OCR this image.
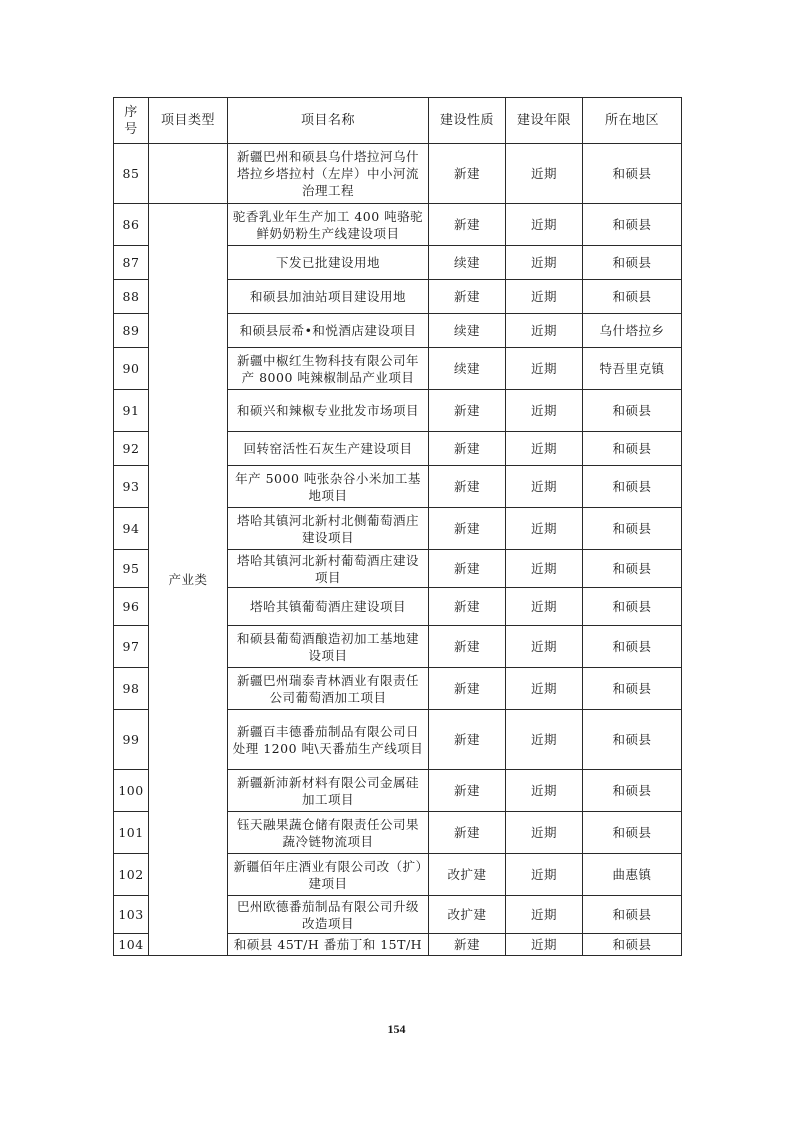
序
号	项目类型	项目名称	建设性质	建设年限	所在地区
85		新疆巴州和硕县乌什塔拉河乌什塔拉乡塔拉村（左岸）中小河流治理工程	新建	近期	和硕县
86	产业类	驼香乳业年生产加工 400 吨骆驼鲜奶奶粉生产线建设项目	新建	近期	和硕县
87		下发已批建设用地	续建	近期	和硕县
88		和硕县加油站项目建设用地	新建	近期	和硕县
89		和硕县辰希•和悦酒店建设项目	续建	近期	乌什塔拉乡
90		新疆中椒红生物科技有限公司年产 8000 吨辣椒制品产业项目	续建	近期	特吾里克镇
91		和硕兴和辣椒专业批发市场项目	新建	近期	和硕县
92		回转窑活性石灰生产建设项目	新建	近期	和硕县
93		年产 5000 吨张杂谷小米加工基地项目	新建	近期	和硕县
94		塔哈其镇河北新村北侧葡萄酒庄建设项目	新建	近期	和硕县
95		塔哈其镇河北新村葡萄酒庄建设项目	新建	近期	和硕县
96		塔哈其镇葡萄酒庄建设项目	新建	近期	和硕县
97		和硕县葡萄酒酿造初加工基地建设项目	新建	近期	和硕县
98		新疆巴州瑞泰青林酒业有限责任公司葡萄酒加工项目	新建	近期	和硕县
99		新疆百丰德番茄制品有限公司日处理 1200 吨\天番茄生产线项目	新建	近期	和硕县
100		新疆新沛新材料有限公司金属硅加工项目	新建	近期	和硕县
101		钰天融果蔬仓储有限责任公司果蔬冷链物流项目	新建	近期	和硕县
102		新疆佰年庄酒业有限公司改（扩）建项目	改扩建	近期	曲惠镇
103		巴州欧德番茄制品有限公司升级改造项目	改扩建	近期	和硕县
104		和硕县 45T/H 番茄丁和 15T/H	新建	近期	和硕县
154
